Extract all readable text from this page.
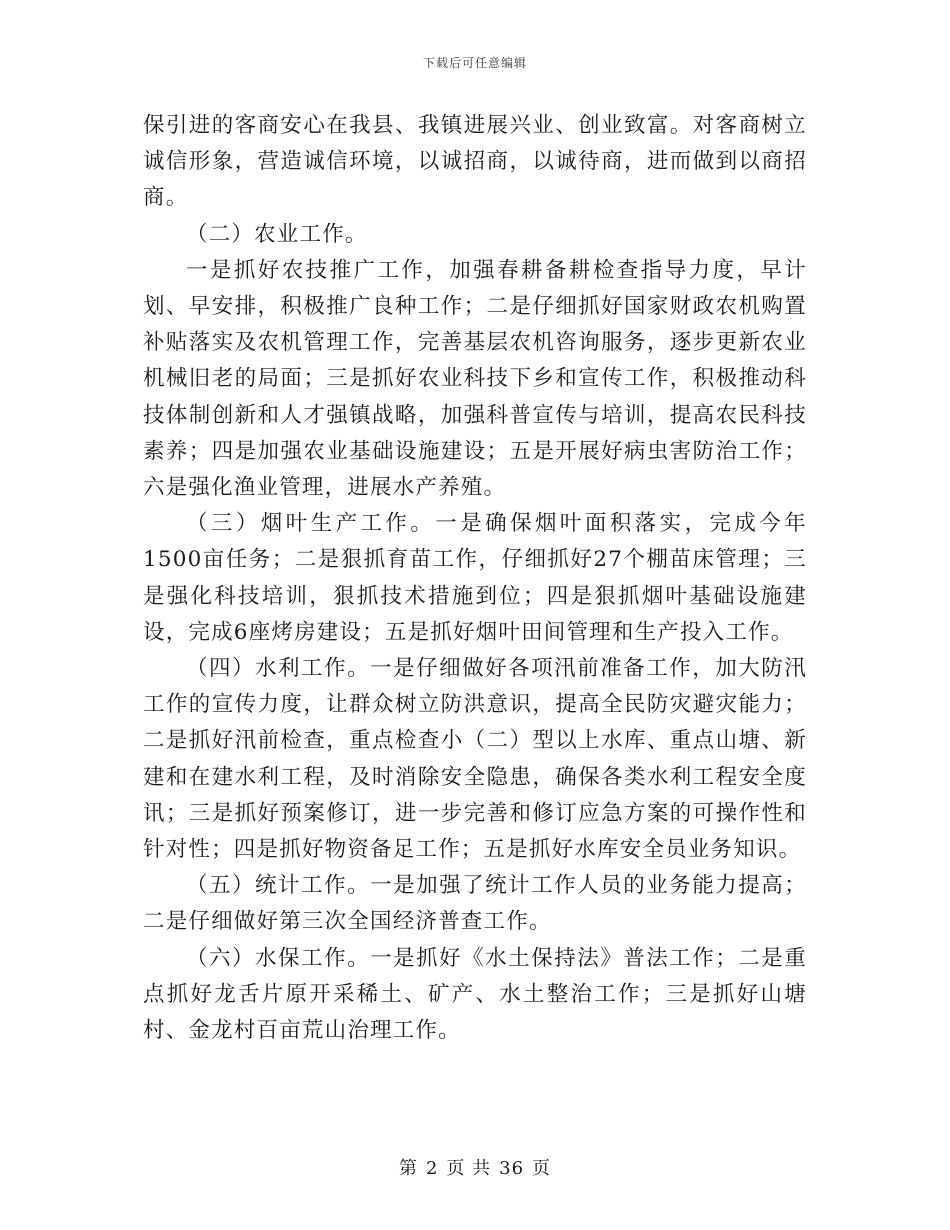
下载后可任意编辑

保引进的客商安心在我县、我镇进展兴业、创业致富。对客商树立诚信形象，营造诚信环境，以诚招商，以诚待商，进而做到以商招商。

（二）农业工作。

一是抓好农技推广工作，加强春耕备耕检查指导力度，早计划、早安排，积极推广良种工作；二是仔细抓好国家财政农机购置补贴落实及农机管理工作，完善基层农机咨询服务，逐步更新农业机械旧老的局面；三是抓好农业科技下乡和宣传工作，积极推动科技体制创新和人才强镇战略，加强科普宣传与培训，提高农民科技素养；四是加强农业基础设施建设；五是开展好病虫害防治工作；六是强化渔业管理，进展水产养殖。

（三）烟叶生产工作。一是确保烟叶面积落实，完成今年1500亩任务；二是狠抓育苗工作，仔细抓好27个棚苗床管理；三是强化科技培训，狠抓技术措施到位；四是狠抓烟叶基础设施建设，完成6座烤房建设；五是抓好烟叶田间管理和生产投入工作。

（四）水利工作。一是仔细做好各项汛前准备工作，加大防汛工作的宣传力度，让群众树立防洪意识，提高全民防灾避灾能力；二是抓好汛前检查，重点检查小（二）型以上水库、重点山塘、新建和在建水利工程，及时消除安全隐患，确保各类水利工程安全度讯；三是抓好预案修订，进一步完善和修订应急方案的可操作性和针对性；四是抓好物资备足工作；五是抓好水库安全员业务知识。

（五）统计工作。一是加强了统计工作人员的业务能力提高；二是仔细做好第三次全国经济普查工作。

（六）水保工作。一是抓好《水土保持法》普法工作；二是重点抓好龙舌片原开采稀土、矿产、水土整治工作；三是抓好山塘村、金龙村百亩荒山治理工作。

第 2 页 共 36 页
